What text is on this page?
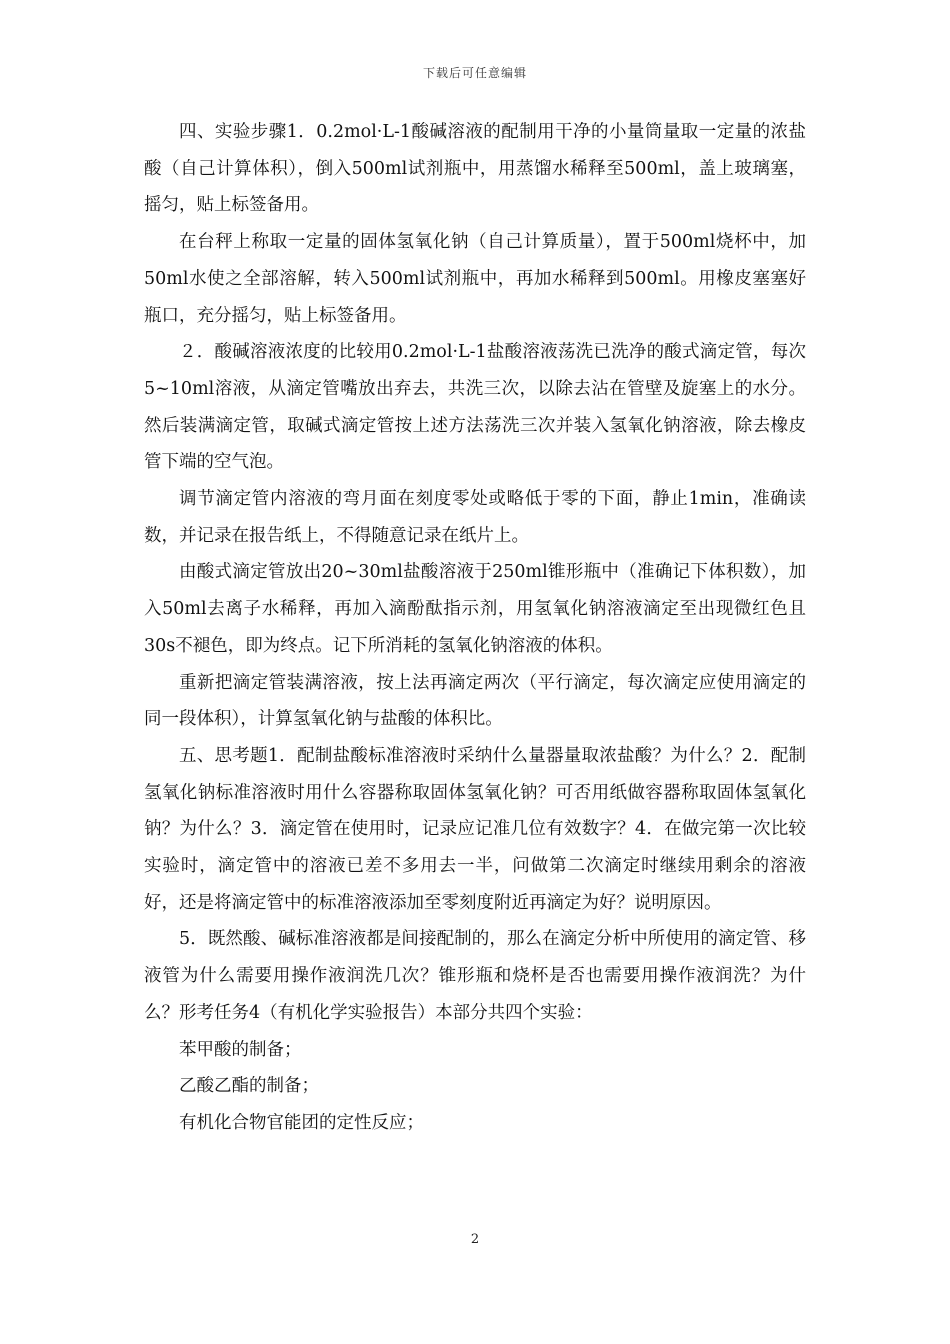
下载后可任意编辑

四、实验步骤1．0.2mol·L-1酸碱溶液的配制用干净的小量筒量取一定量的浓盐酸（自己计算体积），倒入500ml试剂瓶中，用蒸馏水稀释至500ml，盖上玻璃塞，摇匀，贴上标签备用。

在台秤上称取一定量的固体氢氧化钠（自己计算质量），置于500ml烧杯中，加50ml水使之全部溶解，转入500ml试剂瓶中，再加水稀释到500ml。用橡皮塞塞好瓶口，充分摇匀，贴上标签备用。

２．酸碱溶液浓度的比较用0.2mol·L-1盐酸溶液荡洗已洗净的酸式滴定管，每次5~10ml溶液，从滴定管嘴放出弃去，共洗三次，以除去沾在管壁及旋塞上的水分。然后装满滴定管，取碱式滴定管按上述方法荡洗三次并装入氢氧化钠溶液，除去橡皮管下端的空气泡。

调节滴定管内溶液的弯月面在刻度零处或略低于零的下面，静止1min，准确读数，并记录在报告纸上，不得随意记录在纸片上。

由酸式滴定管放出20~30ml盐酸溶液于250ml锥形瓶中（准确记下体积数），加入50ml去离子水稀释，再加入滴酚酞指示剂，用氢氧化钠溶液滴定至出现微红色且30s不褪色，即为终点。记下所消耗的氢氧化钠溶液的体积。

重新把滴定管装满溶液，按上法再滴定两次（平行滴定，每次滴定应使用滴定的同一段体积），计算氢氧化钠与盐酸的体积比。

五、思考题1．配制盐酸标准溶液时采纳什么量器量取浓盐酸？为什么？2．配制氢氧化钠标准溶液时用什么容器称取固体氢氧化钠？可否用纸做容器称取固体氢氧化钠？为什么？3．滴定管在使用时，记录应记准几位有效数字？4．在做完第一次比较实验时，滴定管中的溶液已差不多用去一半，问做第二次滴定时继续用剩余的溶液好，还是将滴定管中的标准溶液添加至零刻度附近再滴定为好？说明原因。

5．既然酸、碱标准溶液都是间接配制的，那么在滴定分析中所使用的滴定管、移液管为什么需要用操作液润洗几次？锥形瓶和烧杯是否也需要用操作液润洗？为什么？形考任务4（有机化学实验报告）本部分共四个实验：

苯甲酸的制备；

乙酸乙酯的制备；

有机化合物官能团的定性反应；

2
